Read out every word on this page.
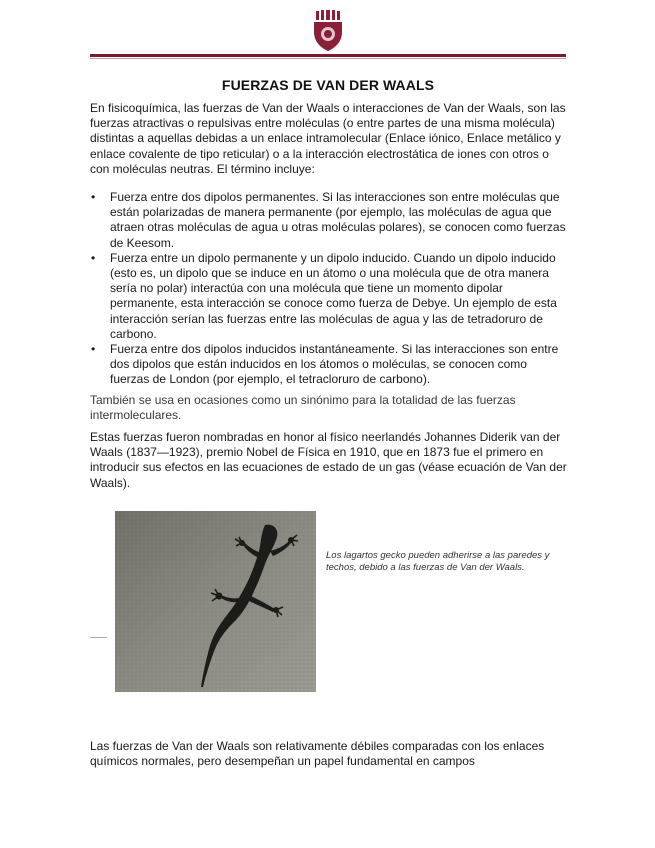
FUERZAS DE VAN DER WAALS
En fisicoquímica, las fuerzas de Van der Waals o interacciones de Van der Waals, son las fuerzas atractivas o repulsivas entre moléculas (o entre partes de una misma molécula) distintas a aquellas debidas a un enlace intramolecular (Enlace iónico, Enlace metálico y enlace covalente de tipo reticular) o a la interacción electrostática de iones con otros o con moléculas neutras. El término incluye:
• Fuerza entre dos dipolos permanentes. Si las interacciones son entre moléculas que están polarizadas de manera permanente (por ejemplo, las moléculas de agua que atraen otras moléculas de agua u otras moléculas polares), se conocen como fuerzas de Keesom.
• Fuerza entre un dipolo permanente y un dipolo inducido. Cuando un dipolo inducido (esto es, un dipolo que se induce en un átomo o una molécula que de otra manera sería no polar) interactúa con una molécula que tiene un momento dipolar permanente, esta interacción se conoce como fuerza de Debye. Un ejemplo de esta interacción serían las fuerzas entre las moléculas de agua y las de tetradoruro de carbono.
• Fuerza entre dos dipolos inducidos instantáneamente. Si las interacciones son entre dos dipolos que están inducidos en los átomos o moléculas, se conocen como fuerzas de London (por ejemplo, el tetracloruro de carbono).
También se usa en ocasiones como un sinónimo para la totalidad de las fuerzas intermoleculares.
Estas fuerzas fueron nombradas en honor al físico neerlandés Johannes Diderik van der Waals (1837—1923), premio Nobel de Física en 1910, que en 1873 fue el primero en introducir sus efectos en las ecuaciones de estado de un gas (véase ecuación de Van der Waals).
Los lagartos gecko pueden adherirse a las paredes y techos, debido a las fuerzas de Van der Waals.
Las fuerzas de Van der Waals son relativamente débiles comparadas con los enlaces químicos normales, pero desempeñan un papel fundamental en campos
